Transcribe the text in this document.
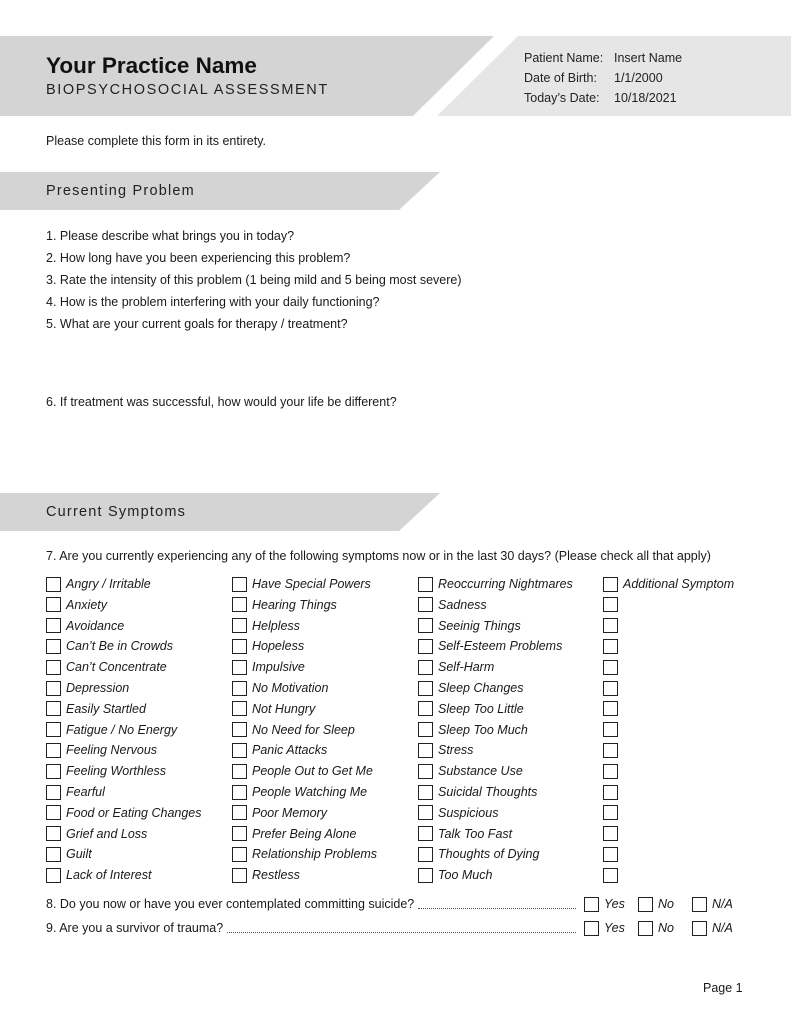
Your Practice Name
BIOPSYCHOSOCIAL ASSESSMENT
Patient Name: Insert Name
Date of Birth:	1/1/2000
Today’s Date:	10/18/2021
Please complete this form in its entirety.
Presenting Problem
1. Please describe what brings you in today?
2. How long have you been experiencing this problem?
3. Rate the intensity of this problem (1 being mild and 5 being most severe)
4. How is the problem interfering with your daily functioning?
5. What are your current goals for therapy / treatment?
6. If treatment was successful, how would your life be different?
Current Symptoms
7. Are you currently experiencing any of the following symptoms now or in the last 30 days? (Please check all that apply)
Angry / Irritable
Anxiety
Avoidance
Can’t Be in Crowds
Can’t Concentrate
Depression
Easily Startled
Fatigue / No Energy
Feeling Nervous
Feeling Worthless
Fearful
Food or Eating Changes
Grief and Loss
Guilt
Lack of Interest
Have Special Powers
Hearing Things
Helpless
Hopeless
Impulsive
No Motivation
Not Hungry
No Need for Sleep
Panic Attacks
People Out to Get Me
People Watching Me
Poor Memory
Prefer Being Alone
Relationship Problems
Restless
Reoccurring Nightmares
Sadness
Seeinig Things
Self-Esteem Problems
Self-Harm
Sleep Changes
Sleep Too Little
Sleep Too Much
Stress
Substance Use
Suicidal Thoughts
Suspicious
Talk Too Fast
Thoughts of Dying
Too Much
Additional Symptom
8. Do you now or have you ever contemplated committing suicide?	Yes	No	N/A
9. Are you a survivor of trauma?	Yes	No	N/A
Page 1
